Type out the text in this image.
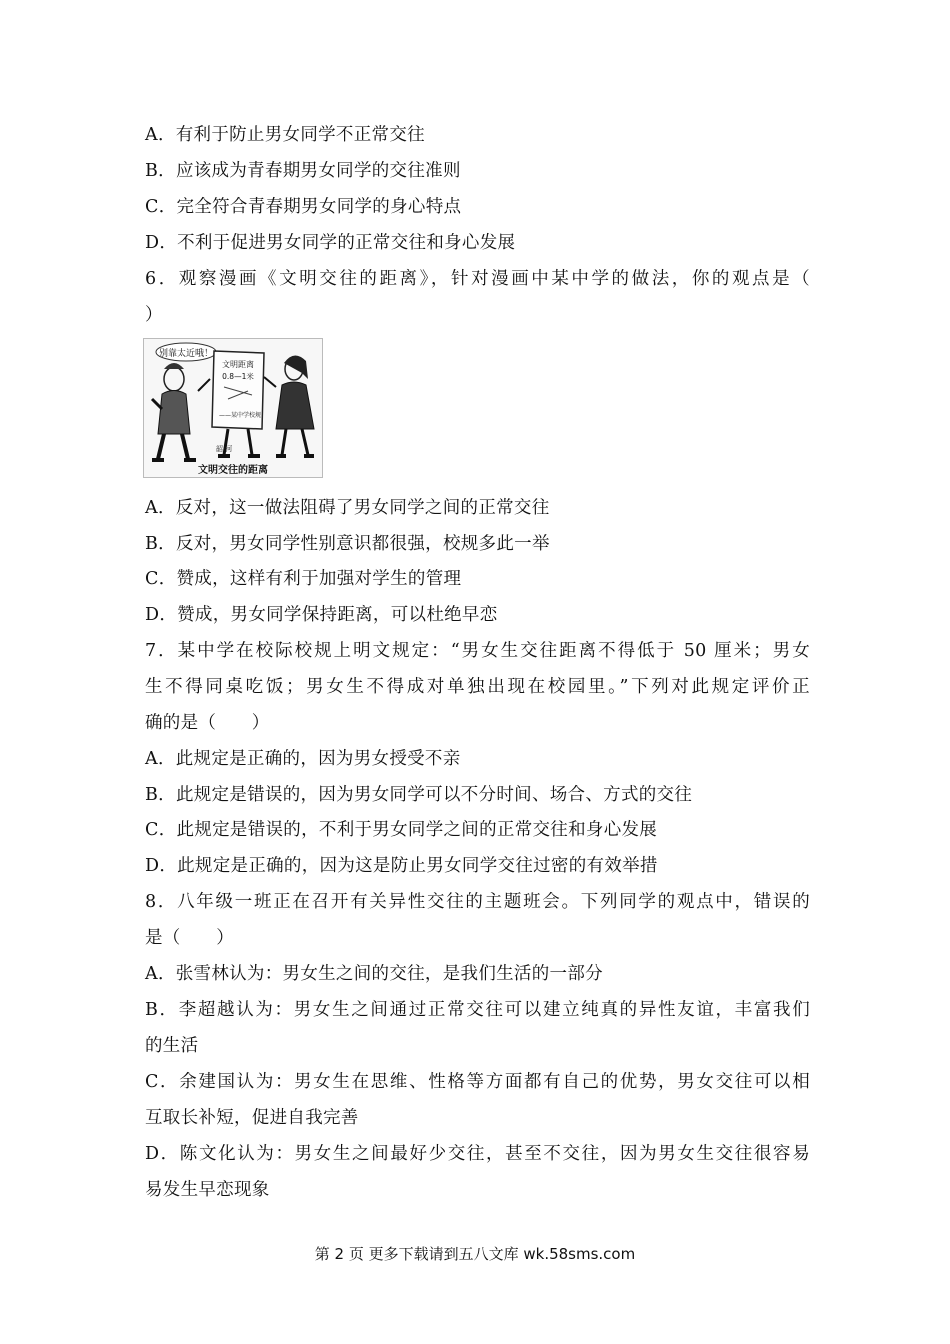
A．有利于防止男女同学不正常交往
B．应该成为青春期男女同学的交往准则
C．完全符合青春期男女同学的身心特点
D．不利于促进男女同学的正常交往和身心发展
6．观察漫画《文明交往的距离》，针对漫画中某中学的做法，你的观点是（
）
别靠太近哦！
文明距离
0.8—1米
——某中学校规
韶·河
文明交往的距离
A．反对，这一做法阻碍了男女同学之间的正常交往
B．反对，男女同学性别意识都很强，校规多此一举
C．赞成，这样有利于加强对学生的管理
D．赞成，男女同学保持距离，可以杜绝早恋
7．某中学在校际校规上明文规定：“男女生交往距离不得低于 50 厘米；男女
生不得同桌吃饭；男女生不得成对单独出现在校园里。”下列对此规定评价正
确的是（　　）
A．此规定是正确的，因为男女授受不亲
B．此规定是错误的，因为男女同学可以不分时间、场合、方式的交往
C．此规定是错误的，不利于男女同学之间的正常交往和身心发展
D．此规定是正确的，因为这是防止男女同学交往过密的有效举措
8．八年级一班正在召开有关异性交往的主题班会。下列同学的观点中，错误的
是（　　）
A．张雪林认为：男女生之间的交往，是我们生活的一部分
B．李超越认为：男女生之间通过正常交往可以建立纯真的异性友谊，丰富我们
的生活
C．余建国认为：男女生在思维、性格等方面都有自己的优势，男女交往可以相
互取长补短，促进自我完善
D．陈文化认为：男女生之间最好少交往，甚至不交往，因为男女生交往很容易
易发生早恋现象
第 2 页 更多下载请到五八文库 wk.58sms.com
